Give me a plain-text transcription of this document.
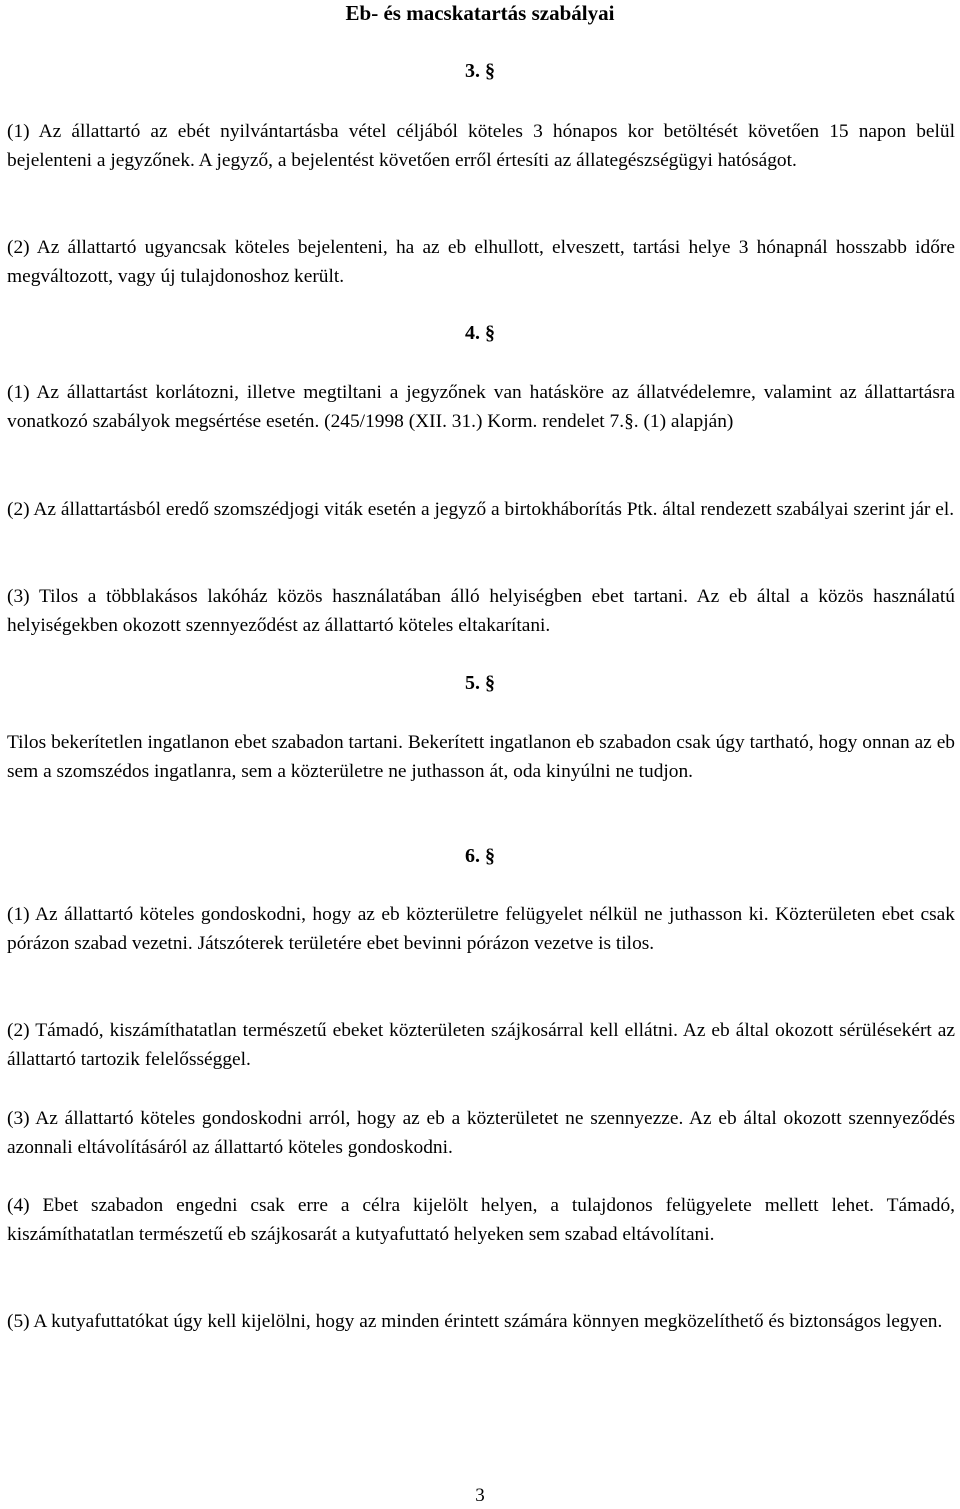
Eb- és macskatartás szabályai
3. §

(1) Az állattartó az ebét nyilvántartásba vétel céljából köteles 3 hónapos kor betöltését követően 15 napon belül bejelenteni a jegyzőnek. A jegyző, a bejelentést követően erről értesíti az állategészségügyi hatóságot.

(2) Az állattartó ugyancsak köteles bejelenteni, ha az eb elhullott, elveszett, tartási helye 3 hónapnál hosszabb időre megváltozott, vagy új tulajdonoshoz került.

4. §

(1) Az állattartást korlátozni, illetve megtiltani a jegyzőnek van hatásköre az állatvédelemre, valamint az állattartásra vonatkozó szabályok megsértése esetén. (245/1998 (XII. 31.) Korm. rendelet 7.§. (1) alapján)

(2) Az állattartásból eredő szomszédjogi viták esetén a jegyző a birtokháborítás Ptk. által rendezett szabályai szerint jár el.

(3) Tilos a többlakásos lakóház közös használatában álló helyiségben ebet tartani. Az eb által a közös használatú helyiségekben okozott szennyeződést az állattartó köteles eltakarítani.

5. §

Tilos bekerítetlen ingatlanon ebet szabadon tartani. Bekerített ingatlanon eb szabadon csak úgy tartható, hogy onnan az eb sem a szomszédos ingatlanra, sem a közterületre ne juthasson át, oda kinyúlni ne tudjon.

6. §

(1) Az állattartó köteles gondoskodni, hogy az eb közterületre felügyelet nélkül ne juthasson ki. Közterületen ebet csak pórázon szabad vezetni. Játszóterek területére ebet bevinni pórázon vezetve is tilos.

(2) Támadó, kiszámíthatatlan természetű ebeket közterületen szájkosárral kell ellátni. Az eb által okozott sérülésekért az állattartó tartozik felelősséggel.

(3) Az állattartó köteles gondoskodni arról, hogy az eb a közterületet ne szennyezze. Az eb által okozott szennyeződés azonnali eltávolításáról az állattartó köteles gondoskodni.

(4) Ebet szabadon engedni csak erre a célra kijelölt helyen, a tulajdonos felügyelete mellett lehet. Támadó, kiszámíthatatlan természetű eb szájkosarát a kutyafuttató helyeken sem szabad eltávolítani.

(5) A kutyafuttatókat úgy kell kijelölni, hogy az minden érintett számára könnyen megközelíthető és biztonságos legyen.

3
